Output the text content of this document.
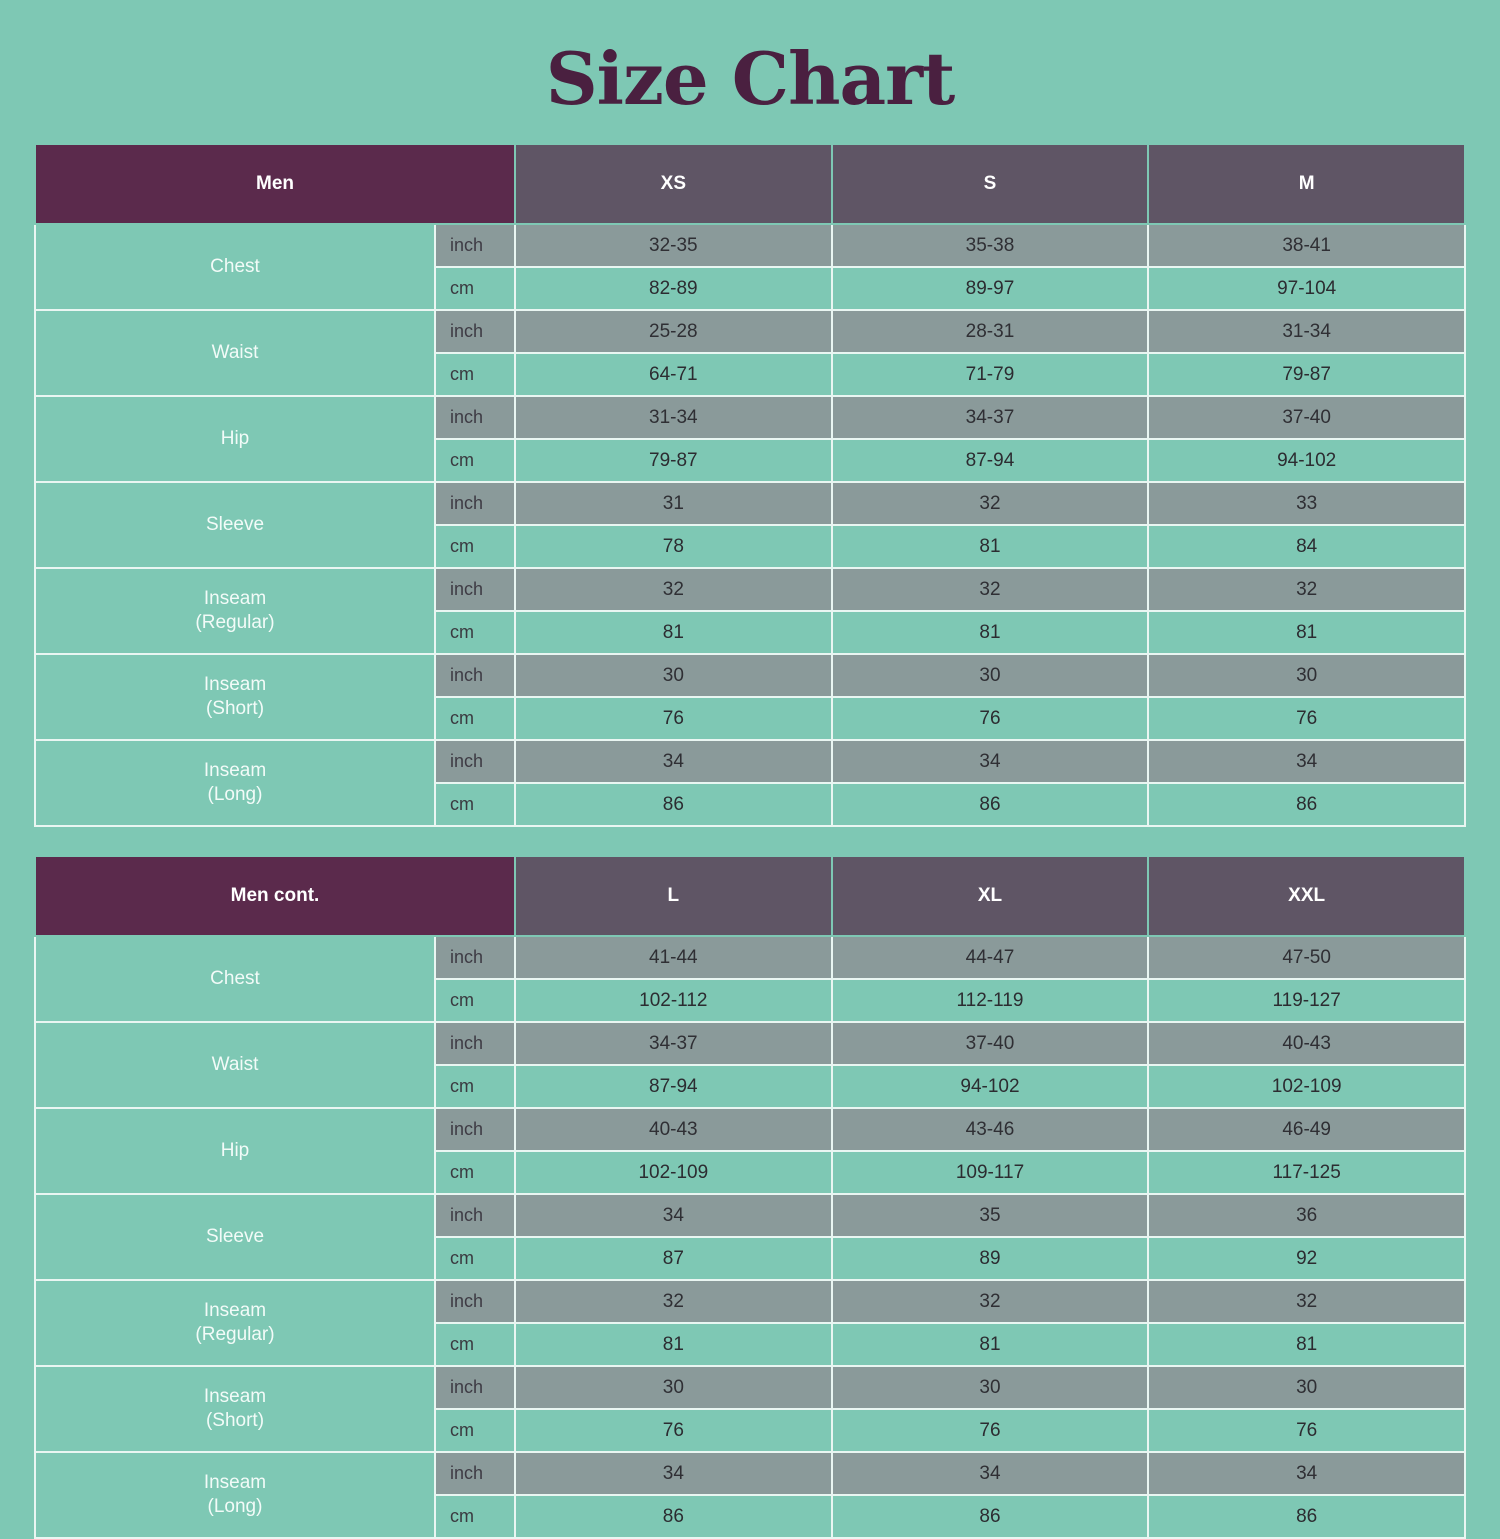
Size Chart
Men		XS	S	M
Chest	inch	32-35	35-38	38-41
	cm	82-89	89-97	97-104
Waist	inch	25-28	28-31	31-34
	cm	64-71	71-79	79-87
Hip	inch	31-34	34-37	37-40
	cm	79-87	87-94	94-102
Sleeve	inch	31	32	33
	cm	78	81	84
Inseam
(Regular)	inch	32	32	32
	cm	81	81	81
Inseam
(Short)	inch	30	30	30
	cm	76	76	76
Inseam
(Long)	inch	34	34	34
	cm	86	86	86
Men cont.		L	XL	XXL
Chest	inch	41-44	44-47	47-50
	cm	102-112	112-119	119-127
Waist	inch	34-37	37-40	40-43
	cm	87-94	94-102	102-109
Hip	inch	40-43	43-46	46-49
	cm	102-109	109-117	117-125
Sleeve	inch	34	35	36
	cm	87	89	92
Inseam
(Regular)	inch	32	32	32
	cm	81	81	81
Inseam
(Short)	inch	30	30	30
	cm	76	76	76
Inseam
(Long)	inch	34	34	34
	cm	86	86	86
